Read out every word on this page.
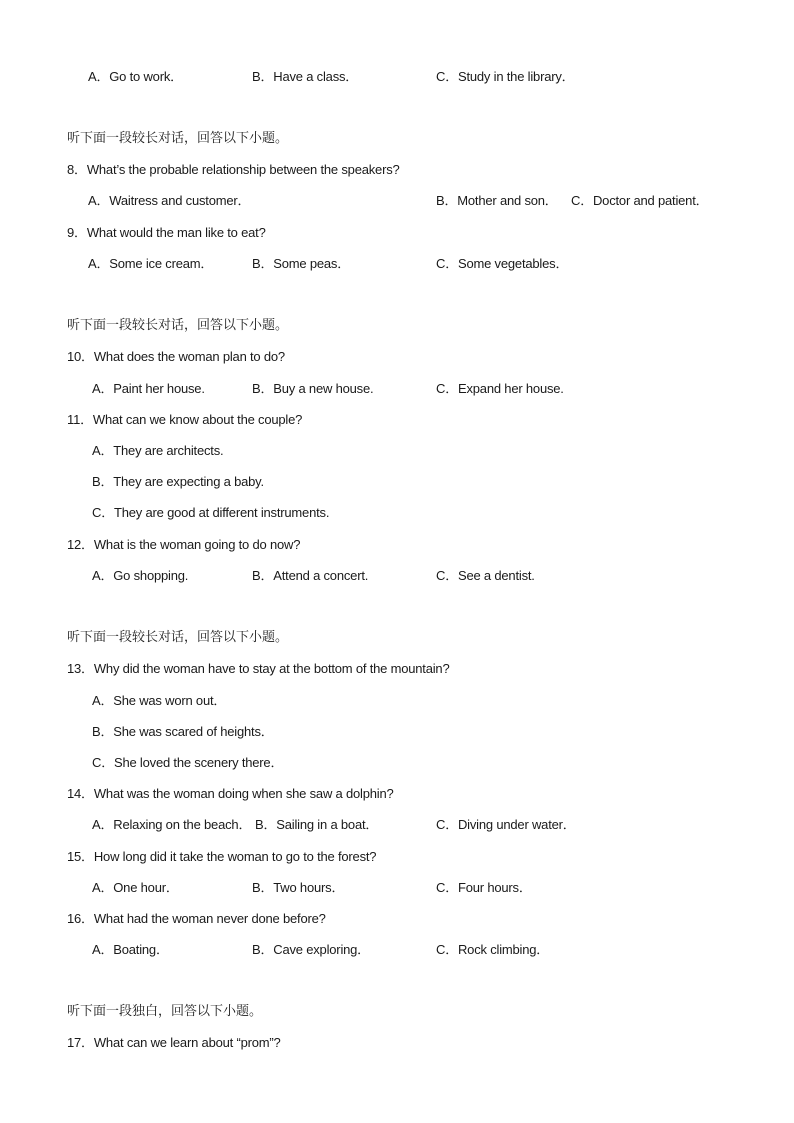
A．Go to work．	B．Have a class．	C．Study in the library．
听下面一段较长对话，回答以下小题。
8．What’s the probable relationship between the speakers?
A．Waitress and customer．	B．Mother and son． C．Doctor and patient．
9．What would the man like to eat?
A．Some ice cream．	B．Some peas．	C．Some vegetables．
听下面一段较长对话，回答以下小题。
10．What does the woman plan to do?
A．Paint her house.	B．Buy a new house.	C．Expand her house.
11．What can we know about the couple?
A．They are architects.
B．They are expecting a baby.
C．They are good at different instruments.
12．What is the woman going to do now?
A．Go shopping.	B．Attend a concert.	C．See a dentist.
听下面一段较长对话，回答以下小题。
13．Why did the woman have to stay at the bottom of the mountain?
A．She was worn out．
B．She was scared of heights．
C．She loved the scenery there．
14．What was the woman doing when she saw a dolphin?
A．Relaxing on the beach． B．Sailing in a boat．	C．Diving under water．
15．How long did it take the woman to go to the forest?
A．One hour．	B．Two hours．	C．Four hours．
16．What had the woman never done before?
A．Boating．	B．Cave exploring．	C．Rock climbing．
听下面一段独白，回答以下小题。
17．What can we learn about “prom”?
